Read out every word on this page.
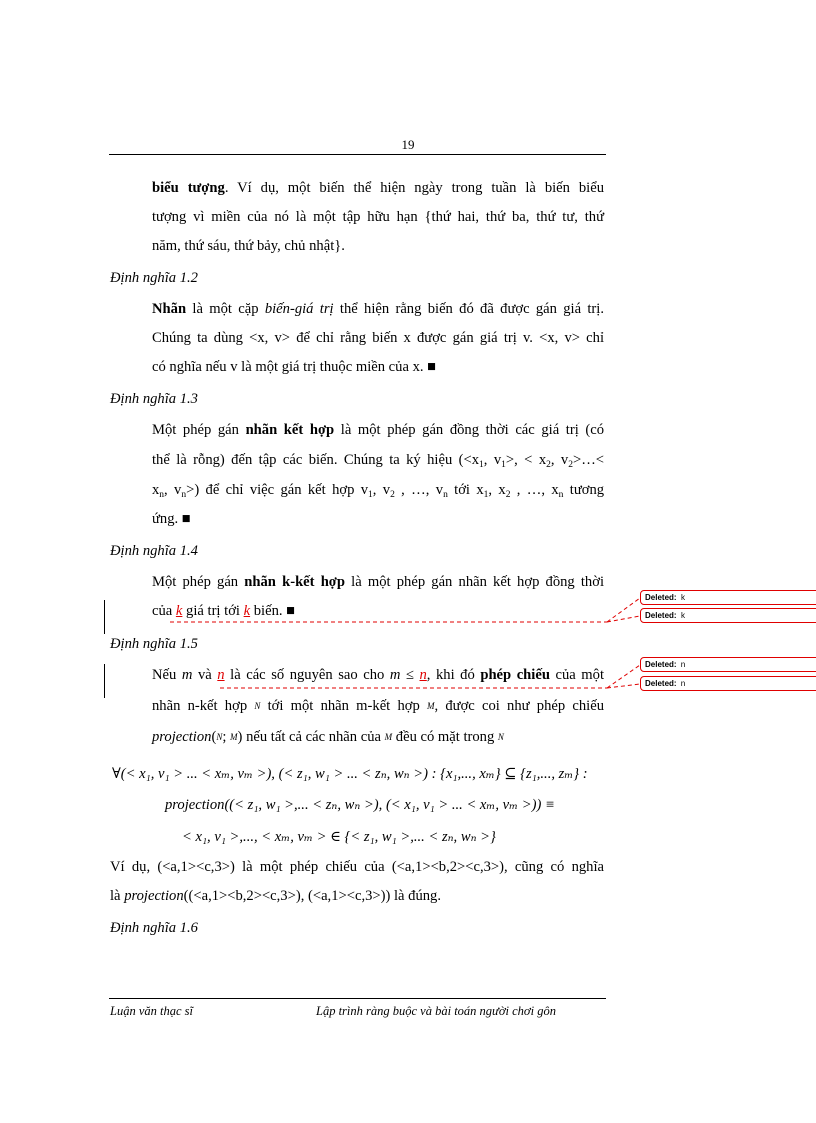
19
biểu tượng. Ví dụ, một biến thể hiện ngày trong tuần là biến biểu
tượng vì miền của nó là một tập hữu hạn {thứ hai, thứ ba, thứ tư, thứ
năm, thứ sáu, thứ bảy, chủ nhật}.
Định nghĩa 1.2
Nhãn là một cặp biến-giá trị thể hiện rằng biến đó đã được gán giá trị.
Chúng ta dùng <x, v> để chỉ rằng biến x được gán giá trị v. <x, v> chỉ
có nghĩa nếu v là một giá trị thuộc miền của x. ■
Định nghĩa 1.3
Một phép gán nhãn kết hợp là một phép gán đồng thời các giá trị (có
thể là rỗng) đến tập các biến. Chúng ta ký hiệu ($<x_1$, $v_1>$, < $x_2$, $v_2>\dots<$
$x_n$, $v_n>$) để chỉ việc gán kết hợp $v_1$, $v_2$ , …, $v_n$ tới $x_1$, $x_2$ , …, $x_n$ tương
ứng. ■
Định nghĩa 1.4
Một phép gán nhãn k-kết hợp là một phép gán nhãn kết hợp đồng thời
của k giá trị tới k biến. ■
Định nghĩa 1.5
Nếu m và n là các số nguyên sao cho m ≤ n, khi đó phép chiếu của một
nhãn n-kết hợp N tới một nhãn m-kết hợp M, được coi như phép chiếu
projection(N; M) nếu tất cả các nhãn của M đều có mặt trong N
∀(< x₁, v₁ > ... < xₘ, vₘ >), (< z₁, w₁ > ... < zₙ, wₙ >) : {x₁,..., xₘ} ⊆ {z₁,..., zₘ} :
projection((< z₁, w₁ >,... < zₙ, wₙ >), (< x₁, v₁ > ... < xₘ, vₘ >)) ≡
< x₁, v₁ >,..., < xₘ, vₘ > ∈ {< z₁, w₁ >,... < zₙ, wₙ >}
Ví dụ, (<a,1><c,3>) là một phép chiếu của (<a,1><b,2><c,3>), cũng có nghĩa
là projection((<a,1><b,2><c,3>), (<a,1><c,3>)) là đúng.
Định nghĩa 1.6
Luận văn thạc sĩ	Lập trình ràng buộc và bài toán người chơi gôn
Deleted: k
Deleted: k
Deleted: n
Deleted: n
